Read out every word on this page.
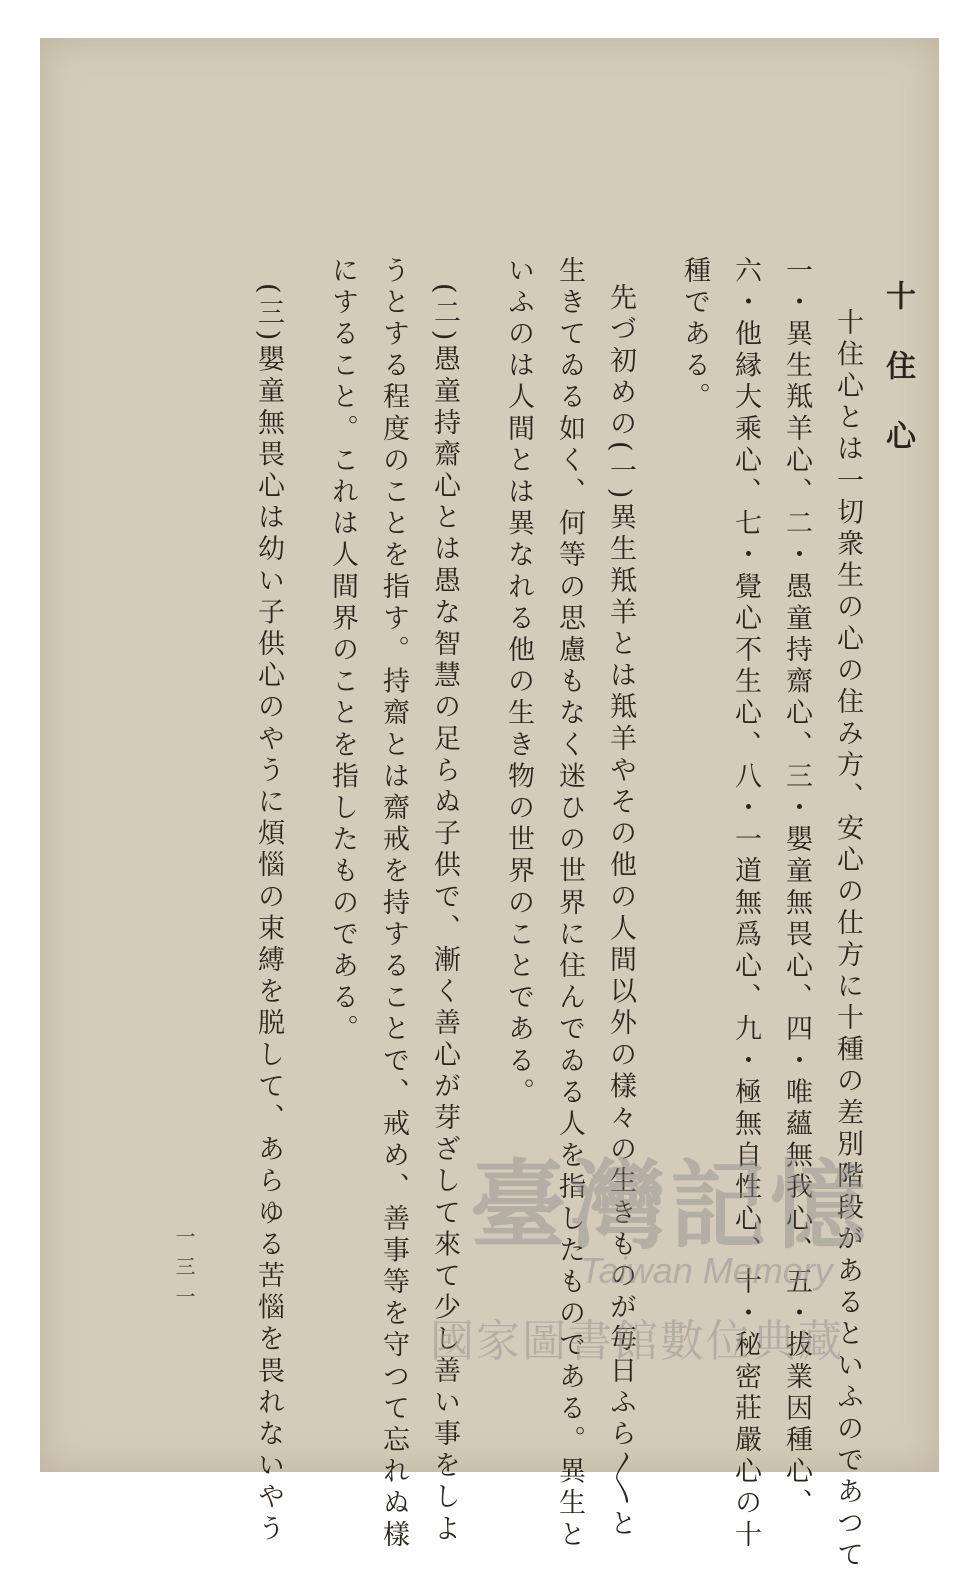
十住心
十住心とは一切衆生の心の住み方、安心の仕方に十種の差別階段があるといふのであつて
一・異生羝羊心、二・愚童持齋心、三・嬰童無畏心、四・唯蘊無我心、五・拔業因種心、
六・他縁大乘心、七・覺心不生心、八・一道無爲心、九・極無自性心、十・秘密莊嚴心の十
種である。
先づ初めの(一)異生羝羊とは羝羊やその他の人間以外の樣々の生きものが毎日ふら〳〵と
生きてゐる如く、何等の思慮もなく迷ひの世界に住んでゐる人を指したものである。異生と
いふのは人間とは異なれる他の生き物の世界のことである。
(二)愚童持齋心とは愚な智慧の足らぬ子供で、漸く善心が芽ざして來て少し善い事をしよ
うとする程度のことを指す。持齋とは齋戒を持することで、戒め、善事等を守つて忘れぬ樣
にすること。これは人間界のことを指したものである。
(三)嬰童無畏心は幼い子供心のやうに煩惱の束縛を脱して、あらゆる苦惱を畏れないやう
一三一
臺灣記憶
Taiwan Memory
國家圖書館數位典藏
